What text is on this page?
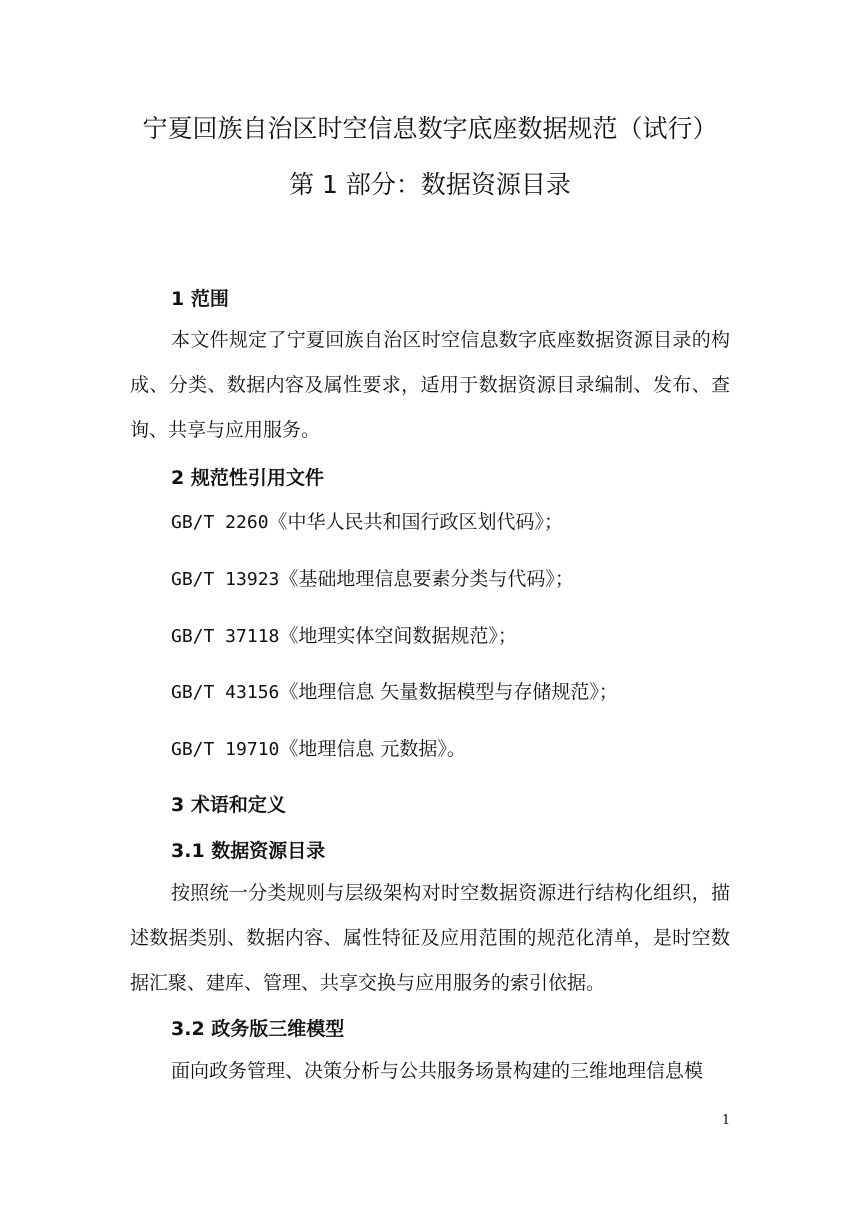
宁夏回族自治区时空信息数字底座数据规范（试行）
第 1 部分：数据资源目录
1 范围

本文件规定了宁夏回族自治区时空信息数字底座数据资源目录的构成、分类、数据内容及属性要求，适用于数据资源目录编制、发布、查询、共享与应用服务。

2 规范性引用文件

GB/T 2260《中华人民共和国行政区划代码》；

GB/T 13923《基础地理信息要素分类与代码》；

GB/T 37118《地理实体空间数据规范》；

GB/T 43156《地理信息 矢量数据模型与存储规范》；

GB/T 19710《地理信息 元数据》。

3 术语和定义
3.1 数据资源目录

按照统一分类规则与层级架构对时空数据资源进行结构化组织，描述数据类别、数据内容、属性特征及应用范围的规范化清单，是时空数据汇聚、建库、管理、共享交换与应用服务的索引依据。

3.2 政务版三维模型

面向政务管理、决策分析与公共服务场景构建的三维地理信息模

1
